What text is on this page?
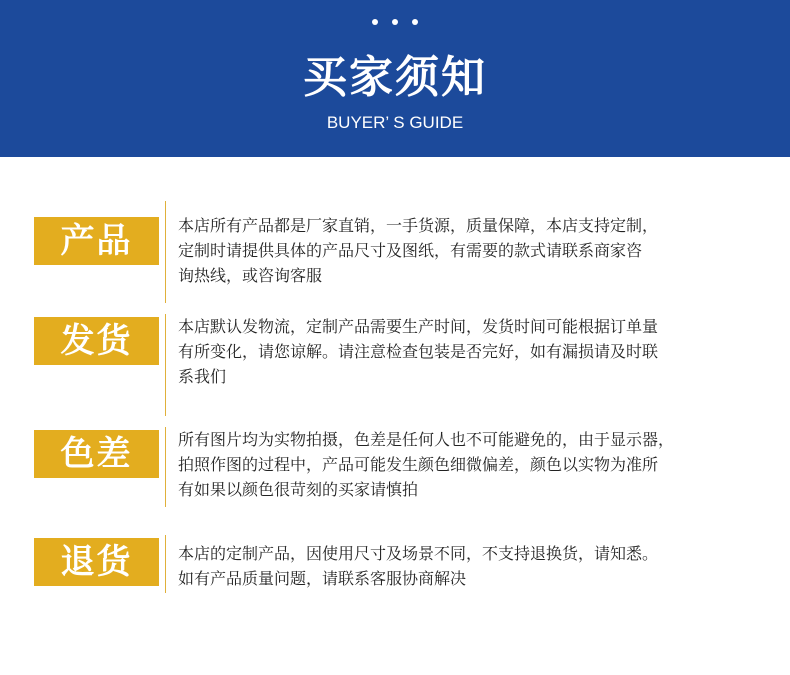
买家须知
BUYER’ S GUIDE
产品	本店所有产品都是厂家直销，一手货源，质量保障，本店支持定制，
定制时请提供具体的产品尺寸及图纸，有需要的款式请联系商家咨
询热线，或咨询客服

发货	本店默认发物流，定制产品需要生产时间，发货时间可能根据订单量
有所变化，请您谅解。请注意检查包装是否完好，如有漏损请及时联
系我们

色差	所有图片均为实物拍摄，色差是任何人也不可能避免的，由于显示器，
拍照作图的过程中，产品可能发生颜色细微偏差，颜色以实物为准所
有如果以颜色很苛刻的买家请慎拍

退货	本店的定制产品，因使用尺寸及场景不同，不支持退换货，请知悉。
如有产品质量问题，请联系客服协商解决
